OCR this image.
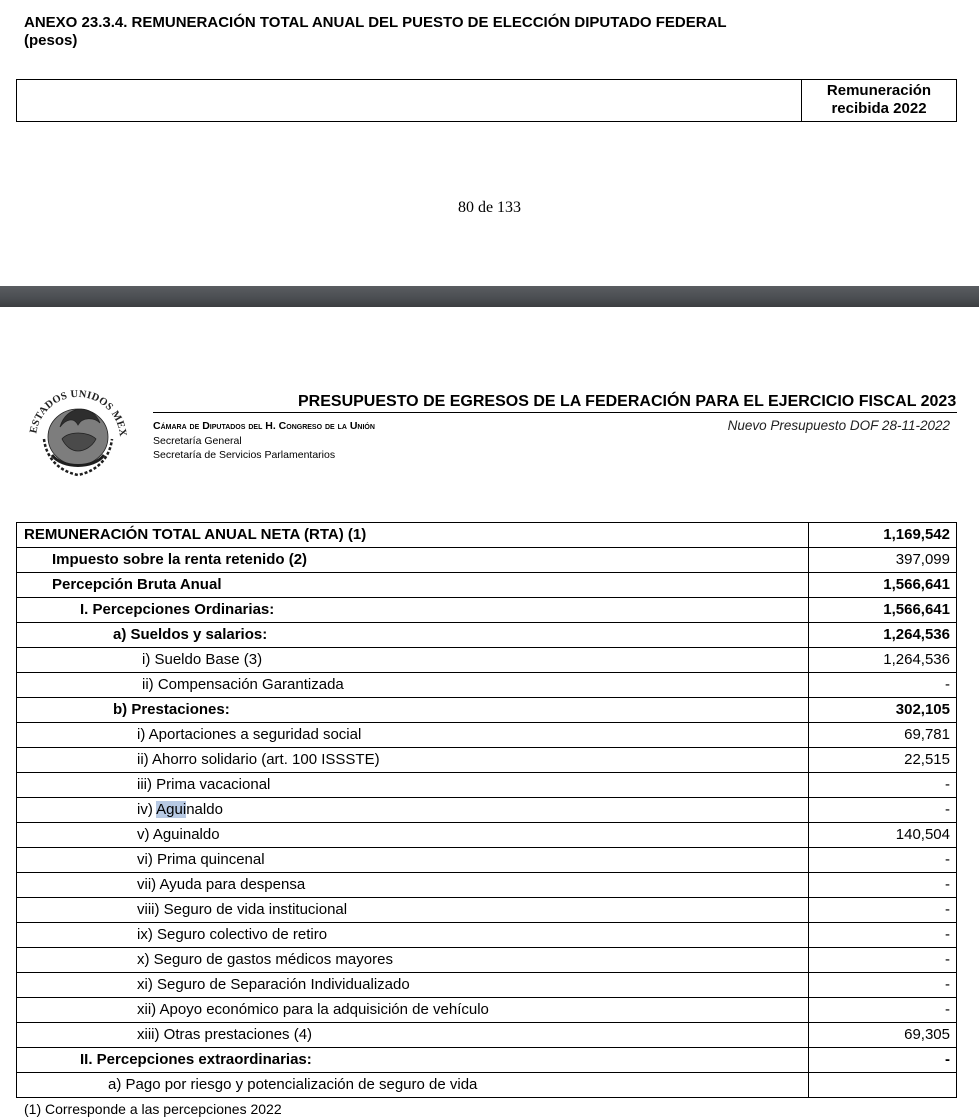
ANEXO 23.3.4. REMUNERACIÓN TOTAL ANUAL DEL PUESTO DE ELECCIÓN DIPUTADO FEDERAL
(pesos)
Remuneración
recibida 2022
80 de 133
ESTADOS UNIDOS MEX
PRESUPUESTO DE EGRESOS DE LA FEDERACIÓN PARA EL EJERCICIO FISCAL 2023
Cámara de Diputados del H. Congreso de la Unión
Secretaría General
Secretaría de Servicios Parlamentarios
Nuevo Presupuesto DOF 28-11-2022
REMUNERACIÓN TOTAL ANUAL NETA (RTA) (1)	1,169,542
Impuesto sobre la renta retenido (2)	397,099
Percepción Bruta Anual	1,566,641
I. Percepciones Ordinarias:	1,566,641
a) Sueldos y salarios:	1,264,536
i) Sueldo Base (3)	1,264,536
ii) Compensación Garantizada	-
b) Prestaciones:	302,105
i) Aportaciones a seguridad social	69,781
ii) Ahorro solidario (art. 100 ISSSTE)	22,515
iii) Prima vacacional	-
iv) Aguinaldo	-
v) Aguinaldo	140,504
vi) Prima quincenal	-
vii) Ayuda para despensa	-
viii) Seguro de vida institucional	-
ix) Seguro colectivo de retiro	-
x) Seguro de gastos médicos mayores	-
xi) Seguro de Separación Individualizado	-
xii) Apoyo económico para la adquisición de vehículo	-
xiii) Otras prestaciones (4)	69,305
II. Percepciones extraordinarias:	-
a) Pago por riesgo y potencialización de seguro de vida	
(1) Corresponde a las percepciones 2022
